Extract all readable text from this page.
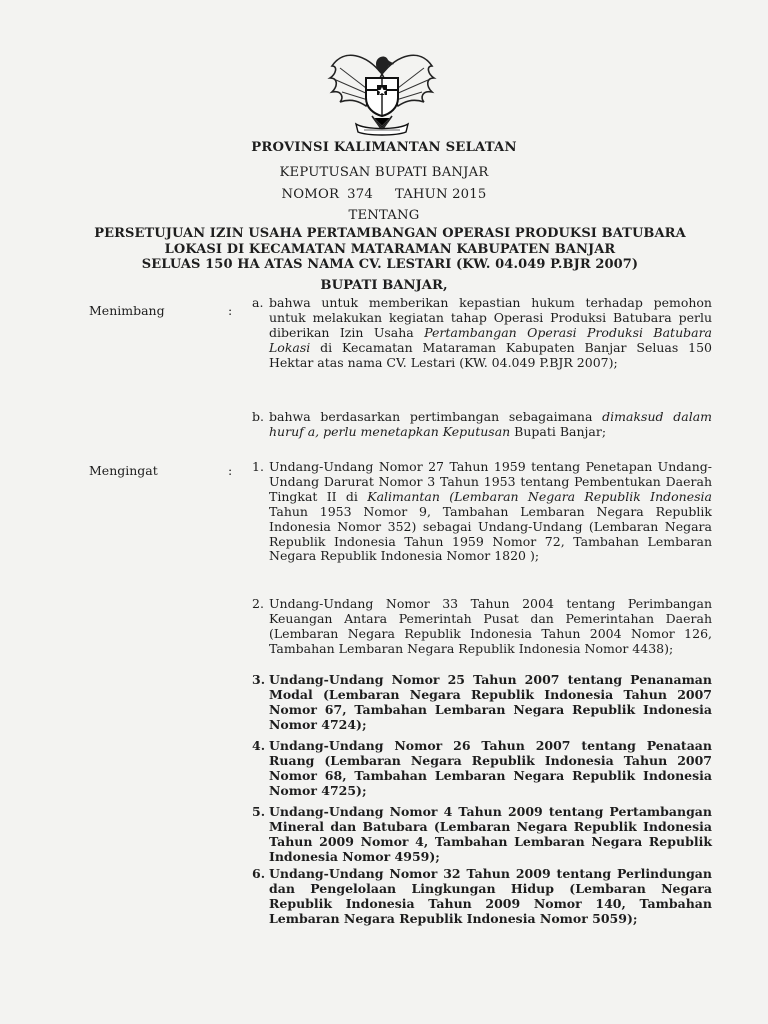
PROVINSI KALIMANTAN SELATAN
KEPUTUSAN BUPATI BANJAR
NOMOR 374 TAHUN 2015
TENTANG
PERSETUJUAN IZIN USAHA PERTAMBANGAN OPERASI PRODUKSI BATUBARA
LOKASI DI KECAMATAN MATARAMAN KABUPATEN BANJAR
SELUAS 150 HA ATAS NAMA CV. LESTARI (KW. 04.049 P.BJR 2007)
BUPATI BANJAR,
Menimbang	:
a. bahwa untuk memberikan kepastian hukum terhadap pemohon untuk melakukan kegiatan tahap Operasi Produksi Batubara perlu diberikan Izin Usaha Pertambangan Operasi Produksi Batubara Lokasi di Kecamatan Mataraman Kabupaten Banjar Seluas 150 Hektar atas nama CV. Lestari (KW. 04.049 P.BJR 2007);
b. bahwa berdasarkan pertimbangan sebagaimana dimaksud dalam huruf a, perlu menetapkan Keputusan Bupati Banjar;
Mengingat	: 1. Undang-Undang Nomor 27 Tahun 1959 tentang Penetapan Undang-Undang Darurat Nomor 3 Tahun 1953 tentang Pembentukan Daerah Tingkat II di Kalimantan (Lembaran Negara Republik Indonesia Tahun 1953 Nomor 9, Tambahan Lembaran Negara Republik Indonesia Nomor 352) sebagai Undang-Undang (Lembaran Negara Republik Indonesia Tahun 1959 Nomor 72, Tambahan Lembaran Negara Republik Indonesia Nomor 1820 );
2. Undang-Undang Nomor 33 Tahun 2004 tentang Perimbangan Keuangan Antara Pemerintah Pusat dan Pemerintahan Daerah (Lembaran Negara Republik Indonesia Tahun 2004 Nomor 126, Tambahan Lembaran Negara Republik Indonesia Nomor 4438);
3. Undang-Undang Nomor 25 Tahun 2007 tentang Penanaman Modal (Lembaran Negara Republik Indonesia Tahun 2007 Nomor 67, Tambahan Lembaran Negara Republik Indonesia Nomor 4724);
4. Undang-Undang Nomor 26 Tahun 2007 tentang Penataan Ruang (Lembaran Negara Republik Indonesia Tahun 2007 Nomor 68, Tambahan Lembaran Negara Republik Indonesia Nomor 4725);
5. Undang-Undang Nomor 4 Tahun 2009 tentang Pertambangan Mineral dan Batubara (Lembaran Negara Republik Indonesia Tahun 2009 Nomor 4, Tambahan Lembaran Negara Republik Indonesia Nomor 4959);
6. Undang-Undang Nomor 32 Tahun 2009 tentang Perlindungan dan Pengelolaan Lingkungan Hidup (Lembaran Negara Republik Indonesia Tahun 2009 Nomor 140, Tambahan Lembaran Negara Republik Indonesia Nomor 5059);
